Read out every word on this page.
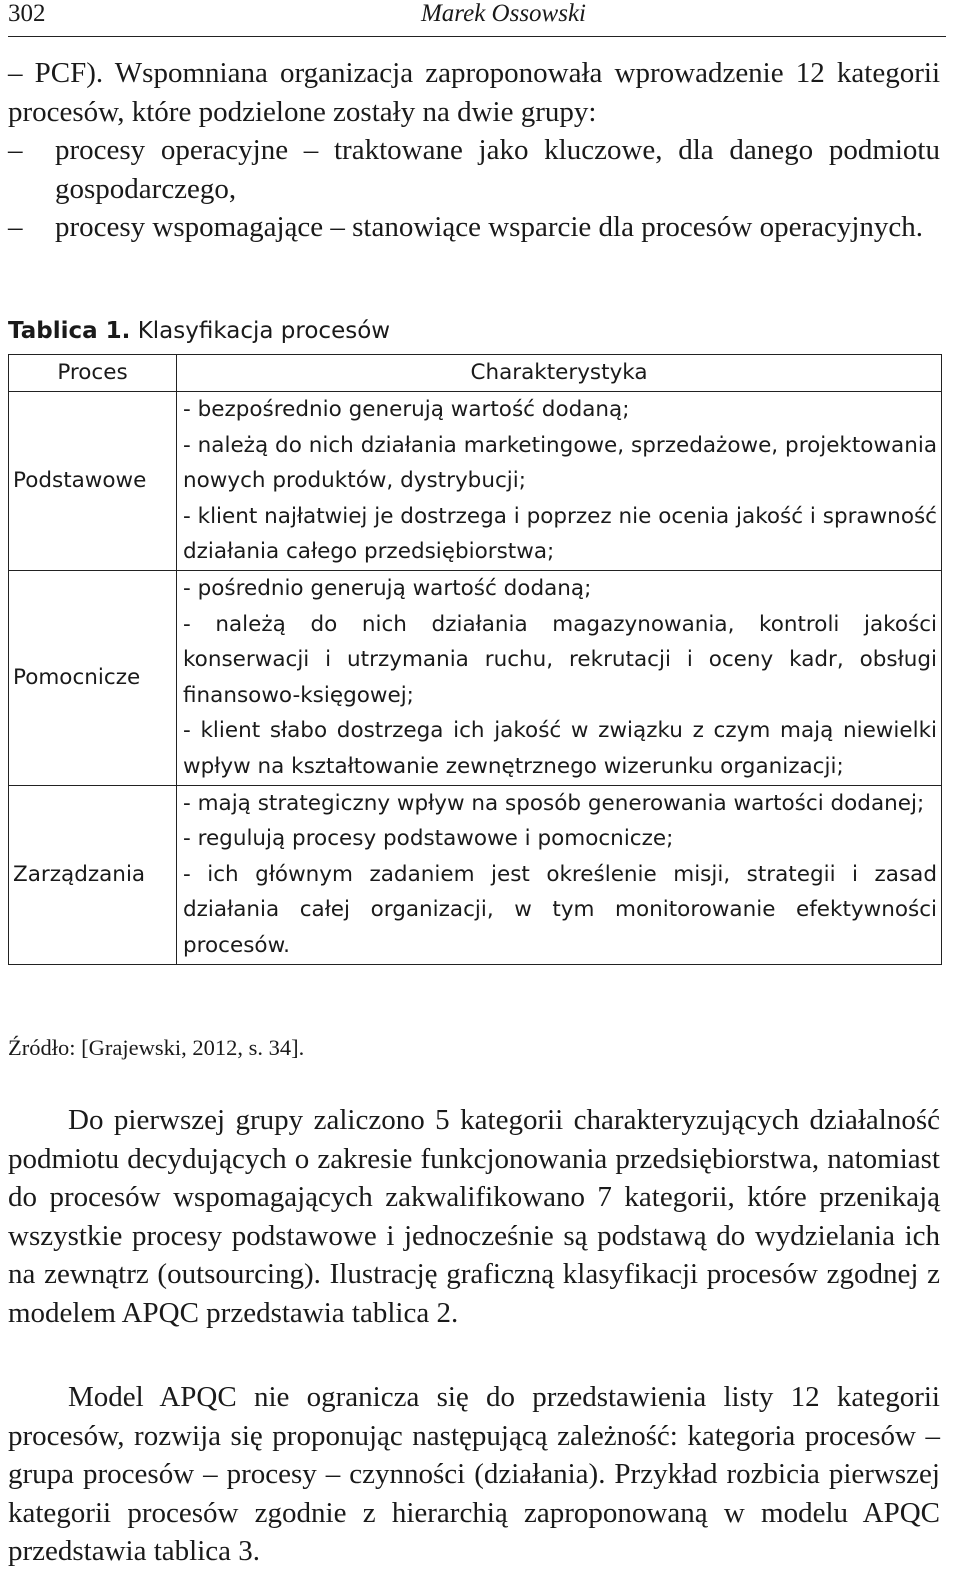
302	Marek Ossowski
– PCF). Wspomniana organizacja zaproponowała wprowadzenie 12 kategorii procesów, które podzielone zostały na dwie grupy:
– procesy operacyjne – traktowane jako kluczowe, dla danego podmiotu gospodarczego,
– procesy wspomagające – stanowiące wsparcie dla procesów operacyjnych.
Tablica 1. Klasyfikacja procesów
Proces	Charakterystyka
Podstawowe	- bezpośrednio generują wartość dodaną;
- należą do nich działania marketingowe, sprzedażowe, projektowania nowych produktów, dystrybucji;
- klient najłatwiej je dostrzega i poprzez nie ocenia jakość i sprawność działania całego przedsiębiorstwa;

Pomocnicze	- pośrednio generują wartość dodaną;
- należą do nich działania magazynowania, kontroli jakości konserwacji i utrzymania ruchu, rekrutacji i oceny kadr, obsługi finansowo-księgowej;
- klient słabo dostrzega ich jakość w związku z czym mają niewielki wpływ na kształtowanie zewnętrznego wizerunku organizacji;

Zarządzania	- mają strategiczny wpływ na sposób generowania wartości dodanej;
- regulują procesy podstawowe i pomocnicze;
- ich głównym zadaniem jest określenie misji, strategii i zasad działania całej organizacji, w tym monitorowanie efektywności procesów.
Źródło: [Grajewski, 2012, s. 34].
Do pierwszej grupy zaliczono 5 kategorii charakteryzujących działalność podmiotu decydujących o zakresie funkcjonowania przedsiębiorstwa, natomiast do procesów wspomagających zakwalifikowano 7 kategorii, które przenikają wszystkie procesy podstawowe i jednocześnie są podstawą do wydzielania ich na zewnątrz (outsourcing). Ilustrację graficzną klasyfikacji procesów zgodnej z modelem APQC przedstawia tablica 2.
Model APQC nie ogranicza się do przedstawienia listy 12 kategorii procesów, rozwija się proponując następującą zależność: kategoria procesów – grupa procesów – procesy – czynności (działania). Przykład rozbicia pierwszej kategorii procesów zgodnie z hierarchią zaproponowaną w modelu APQC przedstawia tablica 3.
